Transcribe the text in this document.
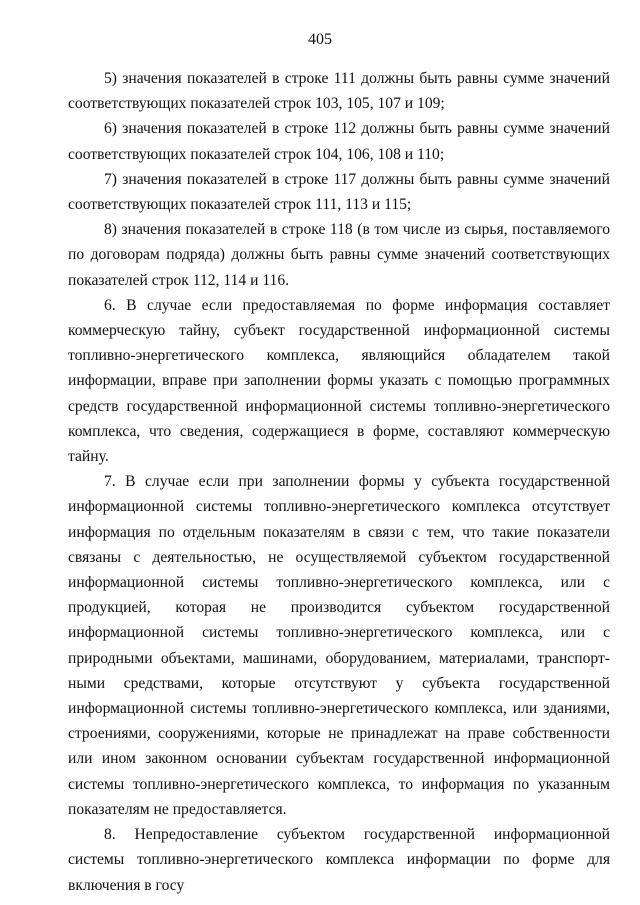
405

5) значения показателей в строке 111 должны быть равны сумме значений соответствующих показателей строк 103, 105, 107 и 109;

6) значения показателей в строке 112 должны быть равны сумме значений соответствующих показателей строк 104, 106, 108 и 110;

7) значения показателей в строке 117 должны быть равны сумме значений соответствующих показателей строк 111, 113 и 115;

8) значения показателей в строке 118 (в том числе из сырья, поставляемого по договорам подряда) должны быть равны сумме значений соответствующих показателей строк 112, 114 и 116.

6. В случае если предоставляемая по форме информация составляет коммерческую тайну, субъект государственной информационной системы топливно-энергетического комплекса, являющийся обладателем такой информации, вправе при заполнении формы указать с помощью программных средств государственной информационной системы топливно-энергетического комплекса, что сведения, содержащиеся в форме, составляют коммерческую тайну.

7. В случае если при заполнении формы у субъекта государственной информационной системы топливно-энергетического комплекса отсутствует информация по отдельным показателям в связи с тем, что такие показатели связаны с деятельностью, не осуществляемой субъектом государственной информационной системы топливно-энергетического комплекса, или с продукцией, которая не производится субъектом государственной информационной системы топливно-энергетического комплекса, или с природными объектами, машинами, оборудованием, материалами, транспортными средствами, которые отсутствуют у субъекта государственной информационной системы топливно-энергетического комплекса, или зданиями, строениями, сооружениями, которые не принадлежат на праве собственности или ином законном основании субъектам государственной информационной системы топливно-энергетического комплекса, то информация по указанным показателям не предоставляется.

8. Непредоставление субъектом государственной информационной системы топливно-энергетического комплекса информации по форме для включения в госу
